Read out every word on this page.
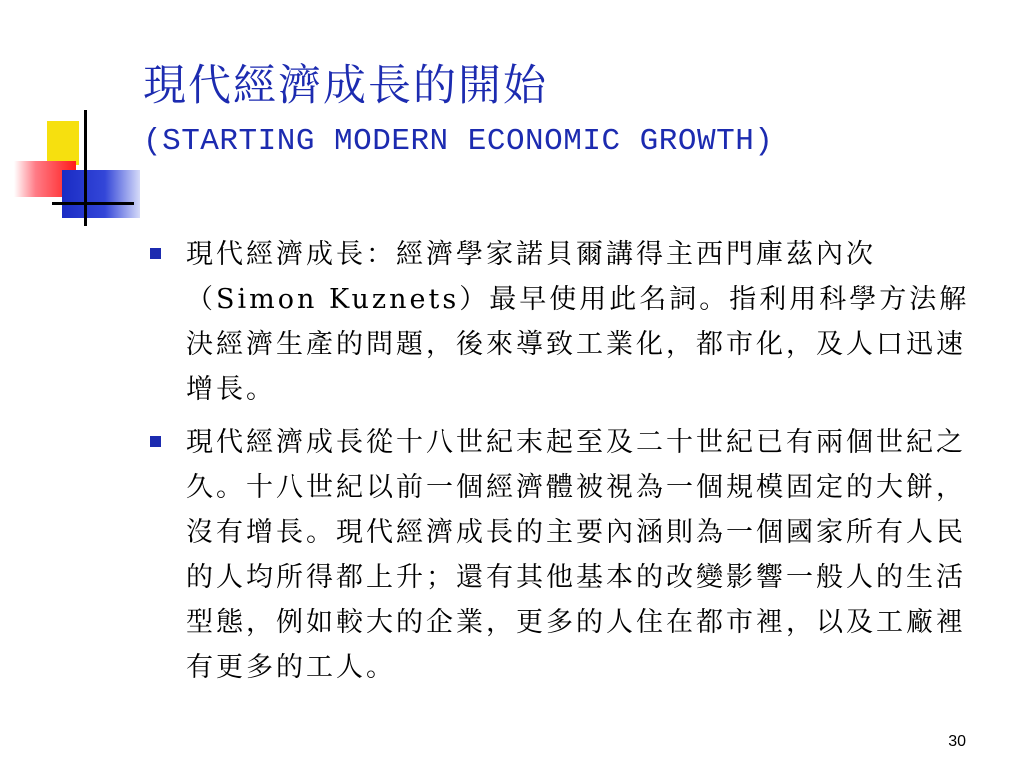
現代經濟成長的開始
(STARTING MODERN ECONOMIC GROWTH)
現代經濟成長：經濟學家諾貝爾講得主西門庫茲內次（Simon Kuznets）最早使用此名詞。指利用科學方法解決經濟生產的問題，後來導致工業化，都市化，及人口迅速增長。
現代經濟成長從十八世紀末起至及二十世紀已有兩個世紀之久。十八世紀以前一個經濟體被視為一個規模固定的大餅，沒有增長。現代經濟成長的主要內涵則為一個國家所有人民的人均所得都上升；還有其他基本的改變影響一般人的生活型態，例如較大的企業，更多的人住在都市裡，以及工廠裡有更多的工人。
30
